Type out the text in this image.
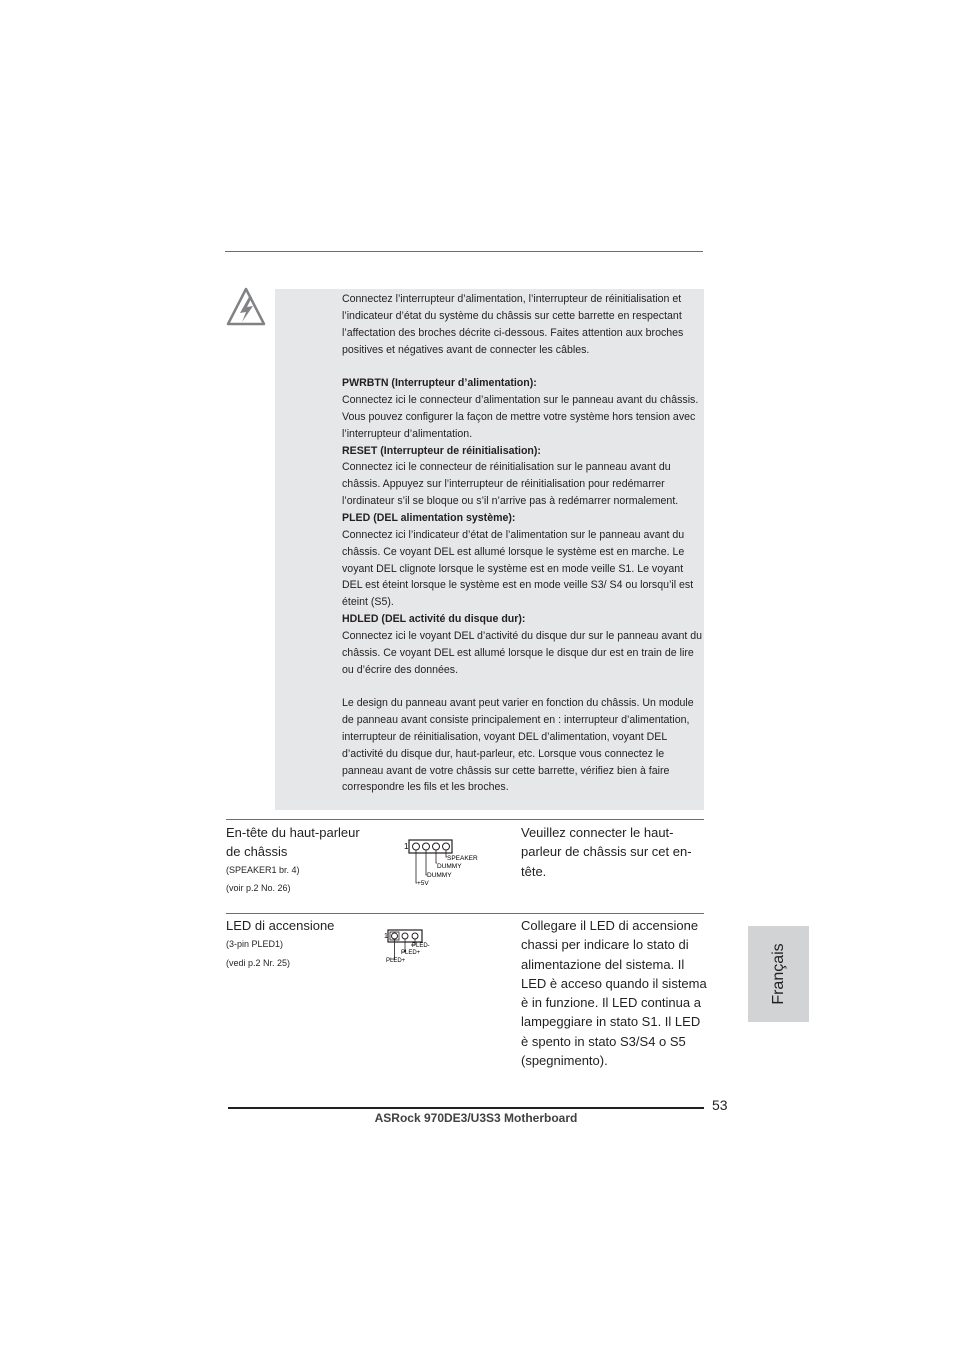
Connectez l’interrupteur d’alimentation, l’interrupteur de réinitialisation et l’indicateur d’état du système du châssis sur cette barrette en respectant l’affectation des broches décrite ci-dessous. Faites attention aux broches positives et négatives avant de connecter les câbles.

PWRBTN (Interrupteur d’alimentation):

Connectez ici le connecteur d’alimentation sur le panneau avant du châssis. Vous pouvez configurer la façon de mettre votre système hors tension avec l’interrupteur d’alimentation.

RESET (Interrupteur de réinitialisation):

Connectez ici le connecteur de réinitialisation sur le panneau avant du châssis. Appuyez sur l’interrupteur de réinitialisation pour redémarrer l’ordinateur s’il se bloque ou s’il n’arrive pas à redémarrer normalement.

PLED (DEL alimentation système):

Connectez ici l’indicateur d’état de l’alimentation sur le panneau avant du châssis. Ce voyant DEL est allumé lorsque le système est en marche. Le voyant DEL clignote lorsque le système est en mode veille S1. Le voyant DEL est éteint lorsque le système est en mode veille S3/ S4 ou lorsqu’il est éteint (S5).

HDLED (DEL activité du disque dur):

Connectez ici le voyant DEL d’activité du disque dur sur le panneau avant du châssis. Ce voyant DEL est allumé lorsque le disque dur est en train de lire ou d’écrire des données.

Le design du panneau avant peut varier en fonction du châssis. Un module de panneau avant consiste principalement en : interrupteur d’alimentation, interrupteur de réinitialisation, voyant DEL d’alimentation, voyant DEL d’activité du disque dur, haut-parleur, etc. Lorsque vous connectez le panneau avant de votre châssis sur cette barrette, vérifiez bien à faire correspondre les fils et les broches.

En-tête du haut-parleur
de châssis
(SPEAKER1 br. 4)
(voir p.2 No. 26)
1
SPEAKER
DUMMY
DUMMY
+5V
Veuillez connecter le haut-parleur de châssis sur cet en-tête.
LED di accensione
(3-pin PLED1)
(vedi p.2 Nr. 25)
1
PLED-
PLED+
PLED+
Collegare il LED di accensione chassi per indicare lo stato di alimentazione del sistema. Il LED è acceso quando il sistema è in funzione. Il LED continua a lampeggiare in stato S1. Il LED è spento in stato S3/S4 o S5 (spegnimento).
Français
53
ASRock 970DE3/U3S3 Motherboard
